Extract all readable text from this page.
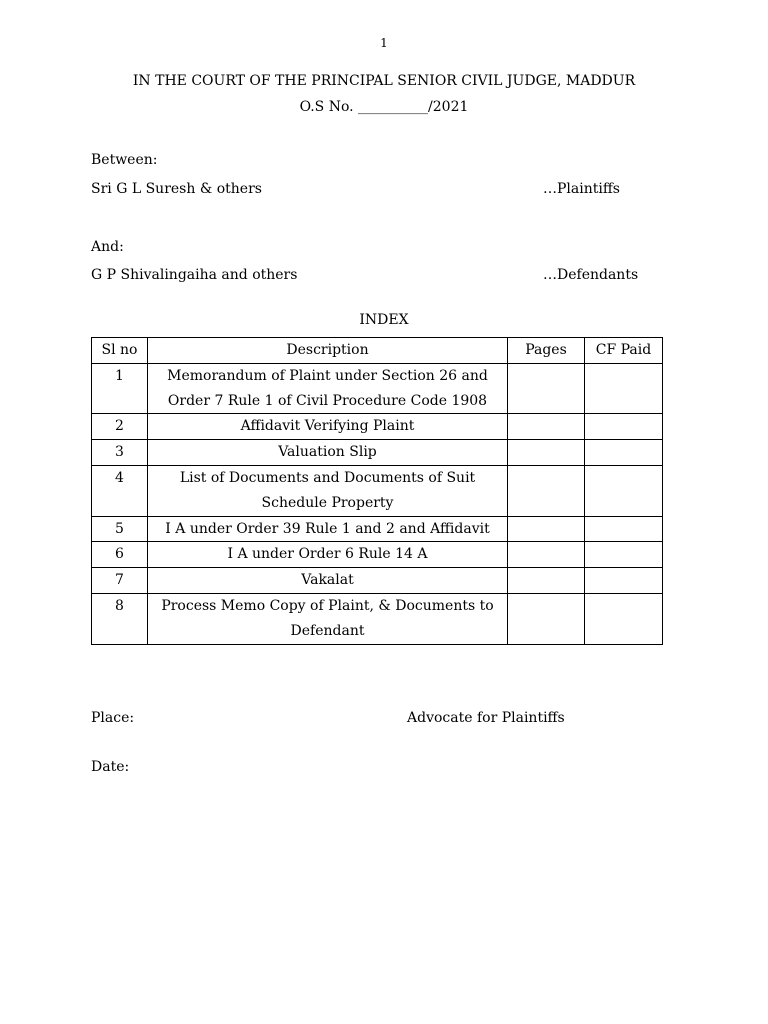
1
IN THE COURT OF THE PRINCIPAL SENIOR CIVIL JUDGE, MADDUR
O.S No. __________/2021
Between:
Sri G L Suresh & others	…Plaintiffs
And:
G P Shivalingaiha and others	…Defendants
INDEX
Sl no	Description	Pages	CF Paid
1	Memorandum of Plaint under Section 26 and Order 7 Rule 1 of Civil Procedure Code 1908		
2	Affidavit Verifying Plaint		
3	Valuation Slip		
4	List of Documents and Documents of Suit Schedule Property		
5	I A under Order 39 Rule 1 and 2 and Affidavit		
6	I A under Order 6 Rule 14 A		
7	Vakalat		
8	Process Memo Copy of Plaint, & Documents to Defendant		
Place:	Advocate for Plaintiffs
Date:
